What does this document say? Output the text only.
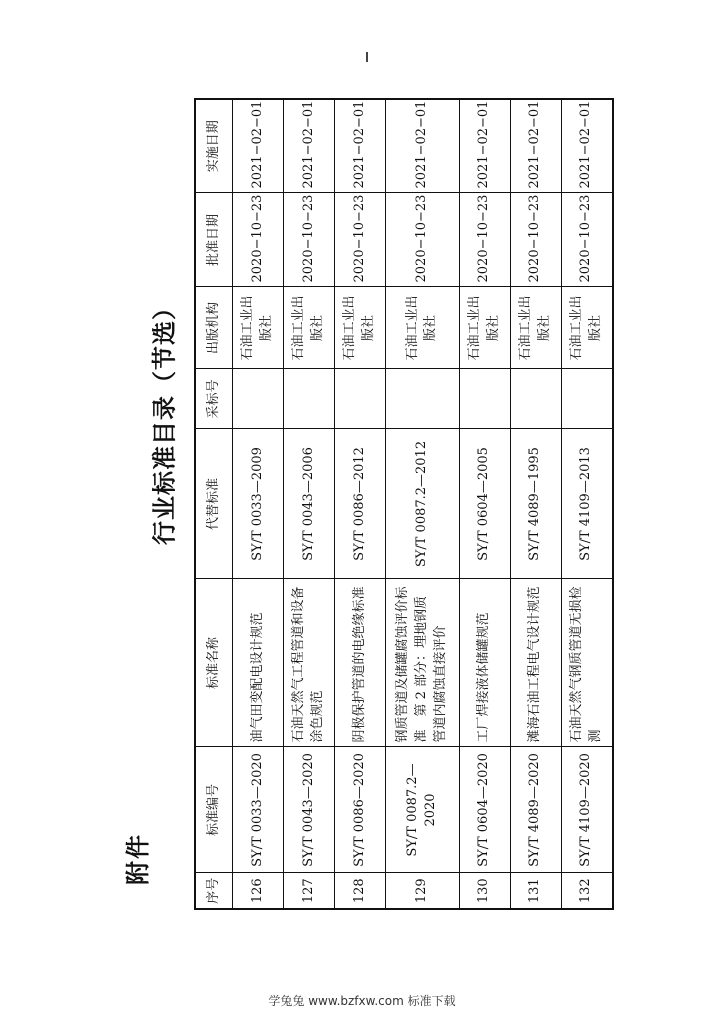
附件
行业标准目录（节选）
序号	标准编号	标准名称	代替标准	采标号	出版机构	批准日期	实施日期
126	SY/T 0033—2020	油气田变配电设计规范	SY/T 0033—2009		石油工业出版社	2020−10−23	2021−02−01
127	SY/T 0043—2020	石油天然气工程管道和设备涂色规范	SY/T 0043—2006		石油工业出版社	2020−10−23	2021−02−01
128	SY/T 0086—2020	阴极保护管道的电绝缘标准	SY/T 0086—2012		石油工业出版社	2020−10−23	2021−02−01
129	SY/T 0087.2—2020	钢质管道及储罐腐蚀评价标准　第 2 部分：埋地钢质管道内腐蚀直接评价	SY/T 0087.2—2012		石油工业出版社	2020−10−23	2021−02−01
130	SY/T 0604—2020	工厂焊接液体储罐规范	SY/T 0604—2005		石油工业出版社	2020−10−23	2021−02−01
131	SY/T 4089—2020	滩海石油工程电气设计规范	SY/T 4089—1995		石油工业出版社	2020−10−23	2021−02−01
132	SY/T 4109—2020	石油天然气钢质管道无损检测	SY/T 4109—2013		石油工业出版社	2020−10−23	2021−02−01
学兔兔 www.bzfxw.com 标准下载
